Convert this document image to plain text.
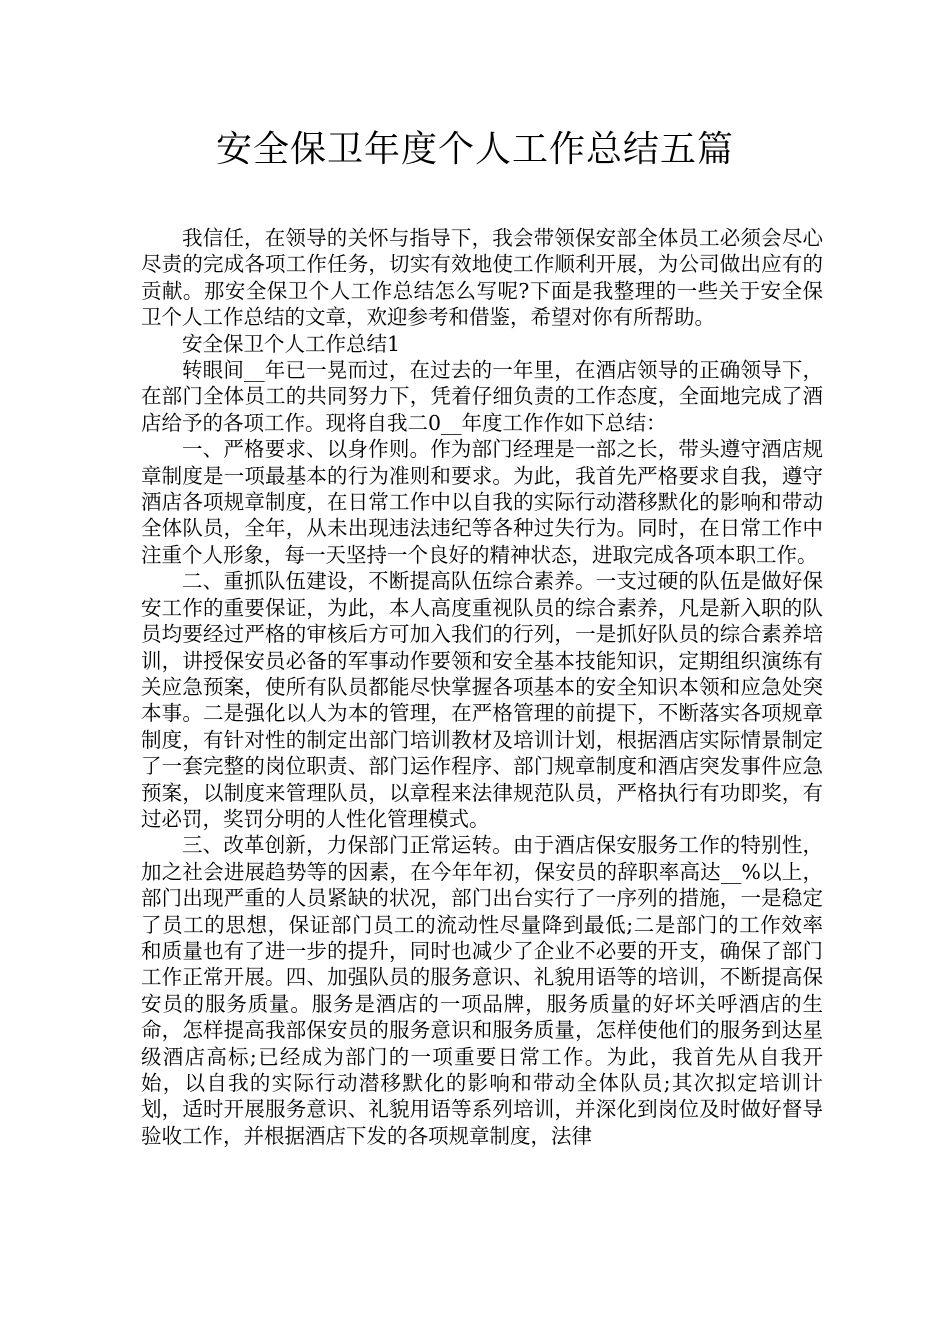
安全保卫年度个人工作总结五篇

我信任，在领导的关怀与指导下，我会带领保安部全体员工必须会尽心尽责的完成各项工作任务，切实有效地使工作顺利开展，为公司做出应有的贡献。那安全保卫个人工作总结怎么写呢?下面是我整理的一些关于安全保卫个人工作总结的文章，欢迎参考和借鉴，希望对你有所帮助。

安全保卫个人工作总结1

转眼间__年已一晃而过，在过去的一年里，在酒店领导的正确领导下，在部门全体员工的共同努力下，凭着仔细负责的工作态度，全面地完成了酒店给予的各项工作。现将自我二0__年度工作作如下总结：

一、严格要求、以身作则。作为部门经理是一部之长，带头遵守酒店规章制度是一项最基本的行为准则和要求。为此，我首先严格要求自我，遵守酒店各项规章制度，在日常工作中以自我的实际行动潜移默化的影响和带动全体队员，全年，从未出现违法违纪等各种过失行为。同时，在日常工作中注重个人形象，每一天坚持一个良好的精神状态，进取完成各项本职工作。

二、重抓队伍建设，不断提高队伍综合素养。一支过硬的队伍是做好保安工作的重要保证，为此，本人高度重视队员的综合素养，凡是新入职的队员均要经过严格的审核后方可加入我们的行列，一是抓好队员的综合素养培训，讲授保安员必备的军事动作要领和安全基本技能知识，定期组织演练有关应急预案，使所有队员都能尽快掌握各项基本的安全知识本领和应急处突本事。二是强化以人为本的管理，在严格管理的前提下，不断落实各项规章制度，有针对性的制定出部门培训教材及培训计划，根据酒店实际情景制定了一套完整的岗位职责、部门运作程序、部门规章制度和酒店突发事件应急预案，以制度来管理队员，以章程来法律规范队员，严格执行有功即奖，有过必罚，奖罚分明的人性化管理模式。

三、改革创新，力保部门正常运转。由于酒店保安服务工作的特别性，加之社会进展趋势等的因素，在今年年初，保安员的辞职率高达__%以上，部门出现严重的人员紧缺的状况，部门出台实行了一序列的措施，一是稳定了员工的思想，保证部门员工的流动性尽量降到最低;二是部门的工作效率和质量也有了进一步的提升，同时也减少了企业不必要的开支，确保了部门工作正常开展。四、加强队员的服务意识、礼貌用语等的培训，不断提高保安员的服务质量。服务是酒店的一项品牌，服务质量的好坏关呼酒店的生命，怎样提高我部保安员的服务意识和服务质量，怎样使他们的服务到达星级酒店高标;已经成为部门的一项重要日常工作。为此，我首先从自我开始，以自我的实际行动潜移默化的影响和带动全体队员;其次拟定培训计划，适时开展服务意识、礼貌用语等系列培训，并深化到岗位及时做好督导验收工作，并根据酒店下发的各项规章制度，法律
